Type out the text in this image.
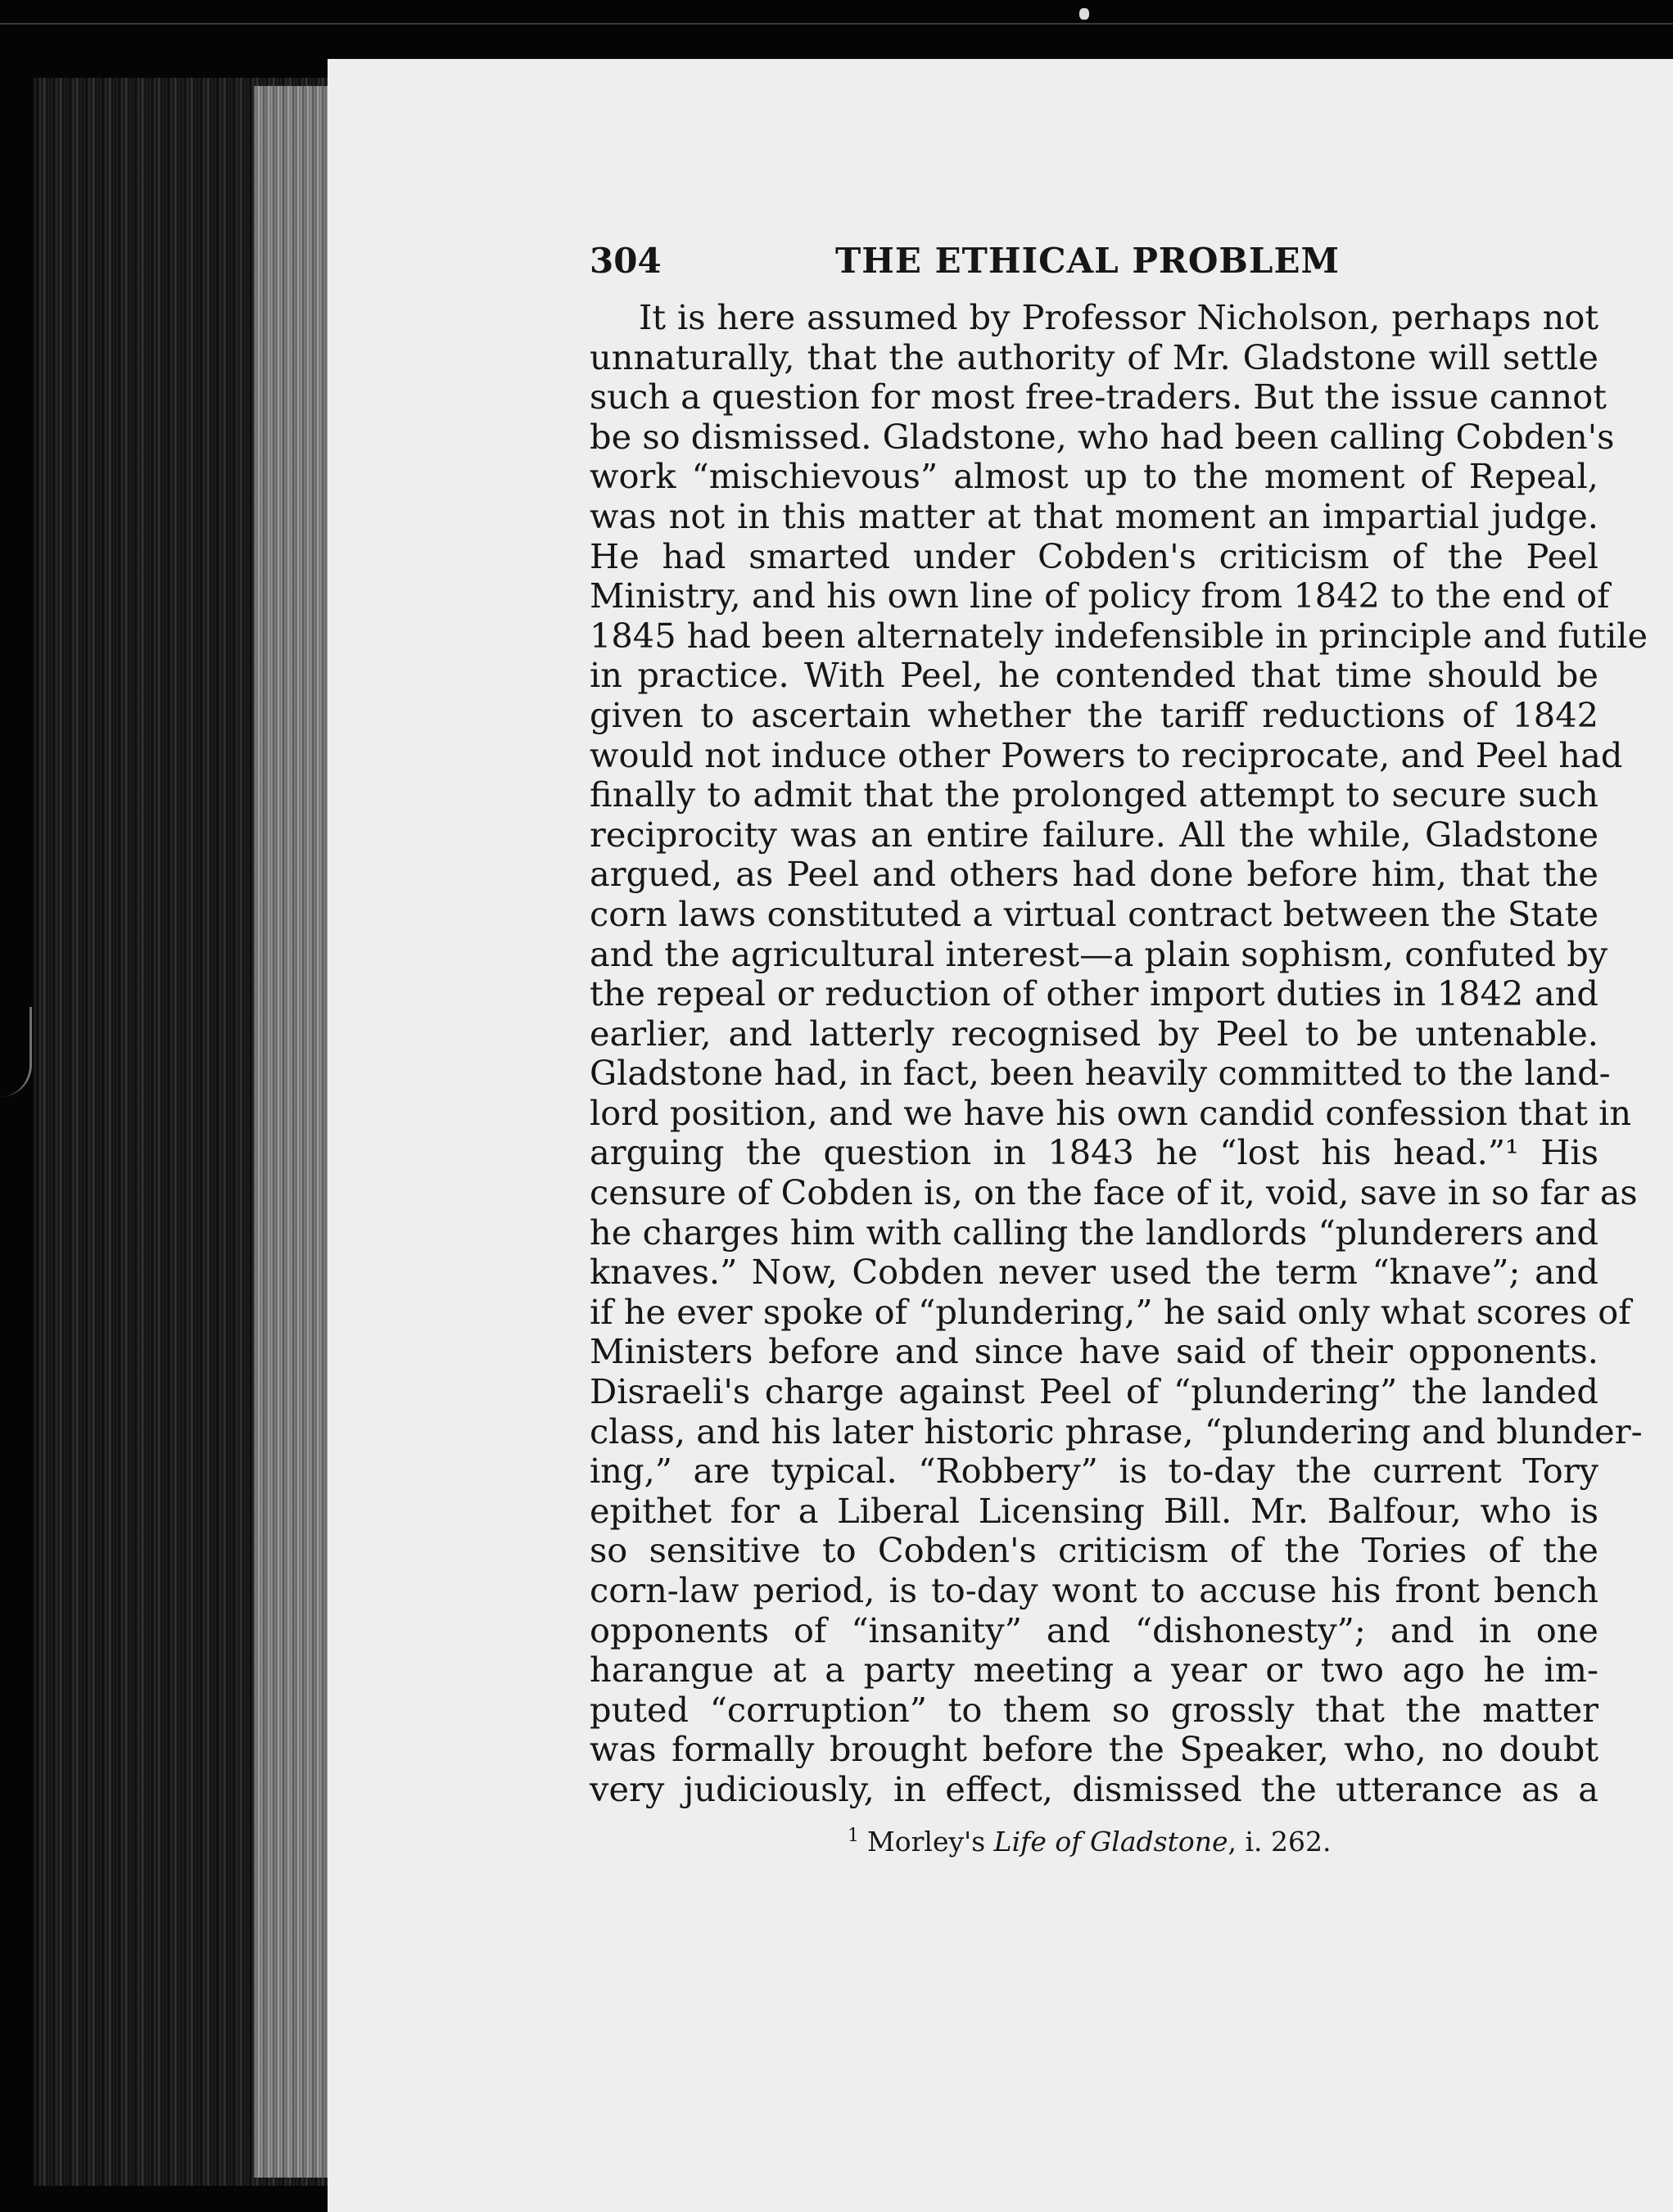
304	THE ETHICAL PROBLEM
It is here assumed by Professor Nicholson, perhaps not
unnaturally, that the authority of Mr. Gladstone will settle
such a question for most free-traders. But the issue cannot
be so dismissed. Gladstone, who had been calling Cobden's
work “mischievous” almost up to the moment of Repeal,
was not in this matter at that moment an impartial judge.
He had smarted under Cobden's criticism of the Peel
Ministry, and his own line of policy from 1842 to the end of
1845 had been alternately indefensible in principle and futile
in practice. With Peel, he contended that time should be
given to ascertain whether the tariff reductions of 1842
would not induce other Powers to reciprocate, and Peel had
finally to admit that the prolonged attempt to secure such
reciprocity was an entire failure. All the while, Gladstone
argued, as Peel and others had done before him, that the
corn laws constituted a virtual contract between the State
and the agricultural interest—a plain sophism, confuted by
the repeal or reduction of other import duties in 1842 and
earlier, and latterly recognised by Peel to be untenable.
Gladstone had, in fact, been heavily committed to the land-
lord position, and we have his own candid confession that in
arguing the question in 1843 he “lost his head.”¹ His
censure of Cobden is, on the face of it, void, save in so far as
he charges him with calling the landlords “plunderers and
knaves.” Now, Cobden never used the term “knave”; and
if he ever spoke of “plundering,” he said only what scores of
Ministers before and since have said of their opponents.
Disraeli's charge against Peel of “plundering” the landed
class, and his later historic phrase, “plundering and blunder-
ing,” are typical. “Robbery” is to-day the current Tory
epithet for a Liberal Licensing Bill. Mr. Balfour, who is
so sensitive to Cobden's criticism of the Tories of the
corn-law period, is to-day wont to accuse his front bench
opponents of “insanity” and “dishonesty”; and in one
harangue at a party meeting a year or two ago he im-
puted “corruption” to them so grossly that the matter
was formally brought before the Speaker, who, no doubt
very judiciously, in effect, dismissed the utterance as a
$^1$ Morley's Life of Gladstone, i. 262.
